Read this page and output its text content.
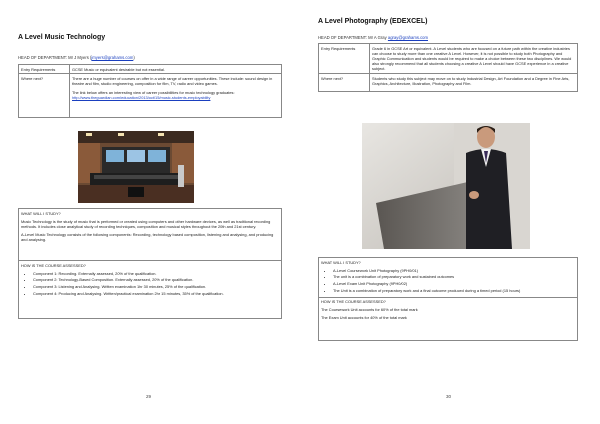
A Level Music Technology
HEAD OF DEPARTMENT: Mr J Myers (jmyers@grahams.com)
Entry Requirements	GCSE Music or equivalent desirable but not essential.
Where next?	There are a huge number of courses on offer in a wide range of career opportunities. These include: sound design in theatre and film, studio engineering, composition for film, TV, radio and video games.
The link below offers an interesting view of career possibilities for music technology graduates:
http://www.theguardian.com/education/2013/oct/15/music-students-employability

WHAT WILL I STUDY?

Music Technology is the study of music that is performed or created using computers and other hardware devices, as well as traditional recording methods. It includes close analytical study of recording techniques, composition and musical styles throughout the 20th and 21st century.

A-Level Music Technology consists of the following components: Recording, technology based composition, listening and analysing, and producing and analysing.

HOW IS THE COURSE ASSESSED?

• Component 1: Recording. Externally assessed, 20% of the qualification.
• Component 2: Technology-Based Composition. Externally assessed, 20% of the qualification.
• Component 3: Listening and Analysing. Written examination 1hr 30 minutes, 25% of the qualification.
• Component 4: Producing and Analysing. Written/practical examination 2hr 15 minutes, 35% of the qualification.
29
A Level Photography (EDEXCEL)
HEAD OF DEPARTMENT: Mr A Gray agray@grahams.com
Entry Requirements	Grade 6 in GCSE Art or equivalent. A Level students who are focused on a future path within the creative industries can choose to study more than one creative A Level. However, it is not possible to study both Photography and Graphic Communication and students would be required to make a choice between these two disciplines. We would also strongly recommend that all students choosing a creative A Level should have GCSE experience in a creative subject.
Where next?	Students who study this subject may move on to study Industrial Design, Art Foundation and a Degree in Fine Arts, Graphics, Architecture, Illustration, Photography and Film.

WHAT WILL I STUDY?

• A-Level Coursework Unit Photography (9PH0/01)
• The unit is a combination of preparatory work and sustained outcomes
• A-Level Exam Unit Photography (9PH0/02)
• The Unit is a combination of preparatory work and a final outcome produced during a timed period (15 hours)

HOW IS THE COURSE ASSESSED?

The Coursework Unit accounts for 60% of the total mark

The Exam Unit accounts for 40% of the total mark

30
